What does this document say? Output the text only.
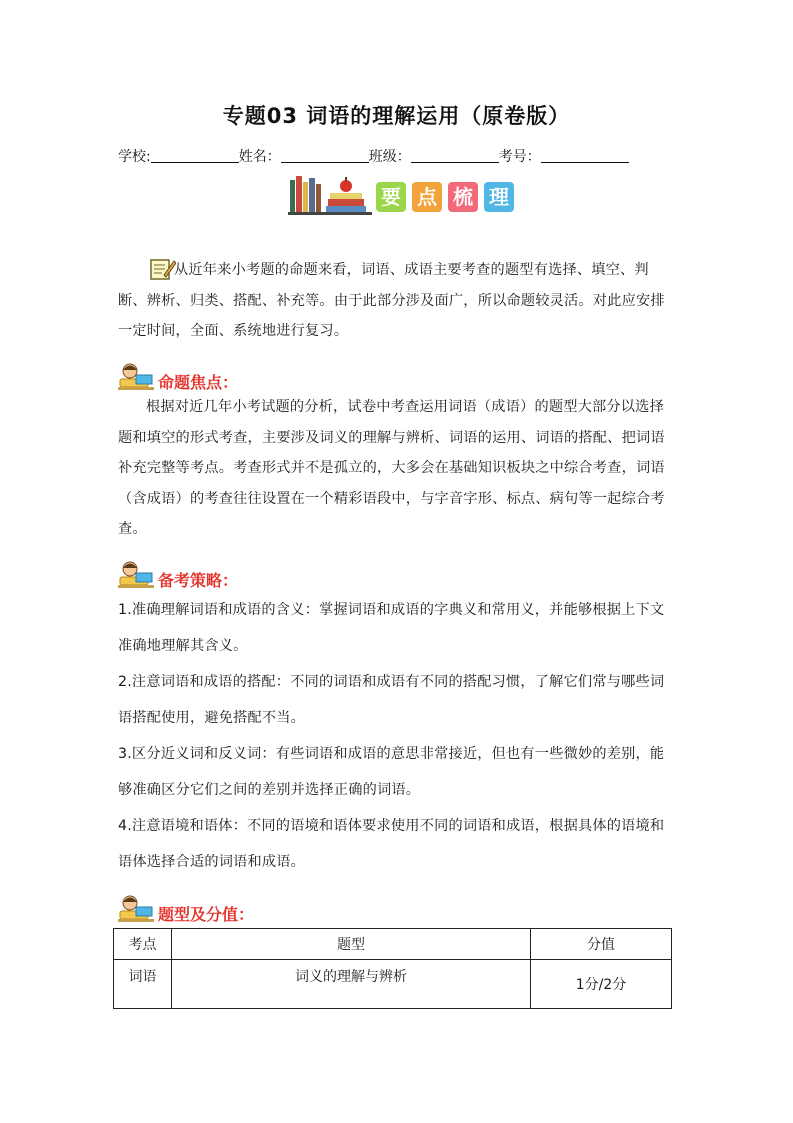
专题03 词语的理解运用（原卷版）
学校:	姓名：	班级：	考号：
要 点 梳 理
从近年来小考题的命题来看，词语、成语主要考查的题型有选择、填空、判断、辨析、归类、搭配、补充等。由于此部分涉及面广，所以命题较灵活。对此应安排一定时间，全面、系统地进行复习。
命题焦点：
根据对近几年小考试题的分析，试卷中考查运用词语（成语）的题型大部分以选择题和填空的形式考查，主要涉及词义的理解与辨析、词语的运用、词语的搭配、把词语补充完整等考点。考查形式并不是孤立的，大多会在基础知识板块之中综合考查，词语（含成语）的考查往往设置在一个精彩语段中，与字音字形、标点、病句等一起综合考查。
备考策略：
1.准确理解词语和成语的含义：掌握词语和成语的字典义和常用义，并能够根据上下文准确地理解其含义。
2.注意词语和成语的搭配：不同的词语和成语有不同的搭配习惯，了解它们常与哪些词语搭配使用，避免搭配不当。
3.区分近义词和反义词：有些词语和成语的意思非常接近，但也有一些微妙的差别，能够准确区分它们之间的差别并选择正确的词语。
4.注意语境和语体：不同的语境和语体要求使用不同的词语和成语，根据具体的语境和语体选择合适的词语和成语。
题型及分值：
考点	题型	分值
词语	词义的理解与辨析	1分/2分
